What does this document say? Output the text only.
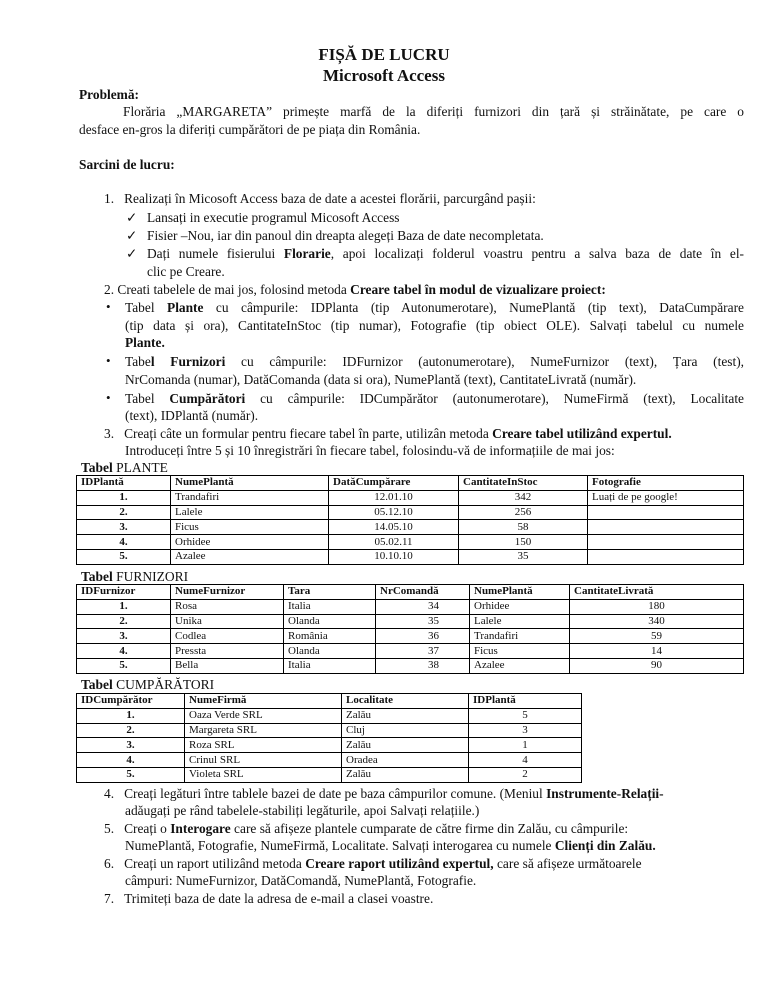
FIȘĂ DE LUCRU
Microsoft Access
Problemă:
Florăria „MARGARETA” primește marfă de la diferiți furnizori din țară și străinătate, pe care o
desface en-gros la diferiți cumpărători de pe piața din România.
Sarcini de lucru:
1.   Realizați în Micosoft Access baza de date a acestei florării, parcurgând pașii:
✓ Lansați in executie programul Micosoft Access
✓ Fisier –Nou, iar din panoul din dreapta alegeți Baza de date necompletata.
✓ Dați numele fisierului Florarie, apoi localizați folderul voastru pentru a salva baza de date în el-
clic pe Creare.
2. Creati tabelele de mai jos, folosind metoda Creare tabel în modul de vizualizare proiect:
• Tabel Plante cu câmpurile: IDPlanta (tip Autonumerotare), NumePlantă (tip text), DataCumpărare
(tip data și ora), CantitateInStoc (tip numar), Fotografie (tip obiect OLE). Salvați tabelul cu numele
Plante.
• Tabel Furnizori cu câmpurile: IDFurnizor (autonumerotare), NumeFurnizor (text), Țara (test),
NrComanda (numar), DatăComanda (data si ora), NumePlantă (text), CantitateLivrată (număr).
• Tabel Cumpărători cu câmpurile: IDCumpărător (autonumerotare), NumeFirmă (text), Localitate
(text), IDPlantă (număr).
3.   Creați câte un formular pentru fiecare tabel în parte, utilizân metoda Creare tabel utilizând expertul.
Introduceți între 5 și 10 înregistrări în fiecare tabel, folosindu-vă de informațiile de mai jos:
Tabel PLANTE
IDPlantă	NumePlantă	DatăCumpărare	CantitateInStoc	Fotografie
1.	Trandafiri	12.01.10	342	Luați de pe google!
2.	Lalele	05.12.10	256	
3.	Ficus	14.05.10	58	
4.	Orhidee	05.02.11	150	
5.	Azalee	10.10.10	35	
Tabel FURNIZORI
IDFurnizor	NumeFurnizor	Tara	NrComandă	NumePlantă	CantitateLivrată
1.	Rosa	Italia	34	Orhidee	180
2.	Unika	Olanda	35	Lalele	340
3.	Codlea	România	36	Trandafiri	59
4.	Pressta	Olanda	37	Ficus	14
5.	Bella	Italia	38	Azalee	90
Tabel CUMPĂRĂTORI
IDCumpărător	NumeFirmă	Localitate	IDPlantă
1.	Oaza Verde SRL	Zalău	5
2.	Margareta SRL	Cluj	3
3.	Roza SRL	Zalău	1
4.	Crinul SRL	Oradea	4
5.	Violeta SRL	Zalău	2
4.   Creați legături între tablele bazei de date pe baza câmpurilor comune. (Meniul Instrumente-Relații-
adăugați pe rând tabelele-stabiliți legăturile, apoi Salvați relațiile.)
5.   Creați o Interogare care să afișeze plantele cumparate de către firme din Zalău, cu câmpurile:
NumePlantă, Fotografie, NumeFirmă, Localitate. Salvați interogarea cu numele Clienți din Zalău.
6.   Creați un raport utilizând metoda Creare raport utilizând expertul, care să afișeze următoarele
câmpuri: NumeFurnizor, DatăComandă, NumePlantă, Fotografie.
7.   Trimiteți baza de date la adresa de e-mail a clasei voastre.
